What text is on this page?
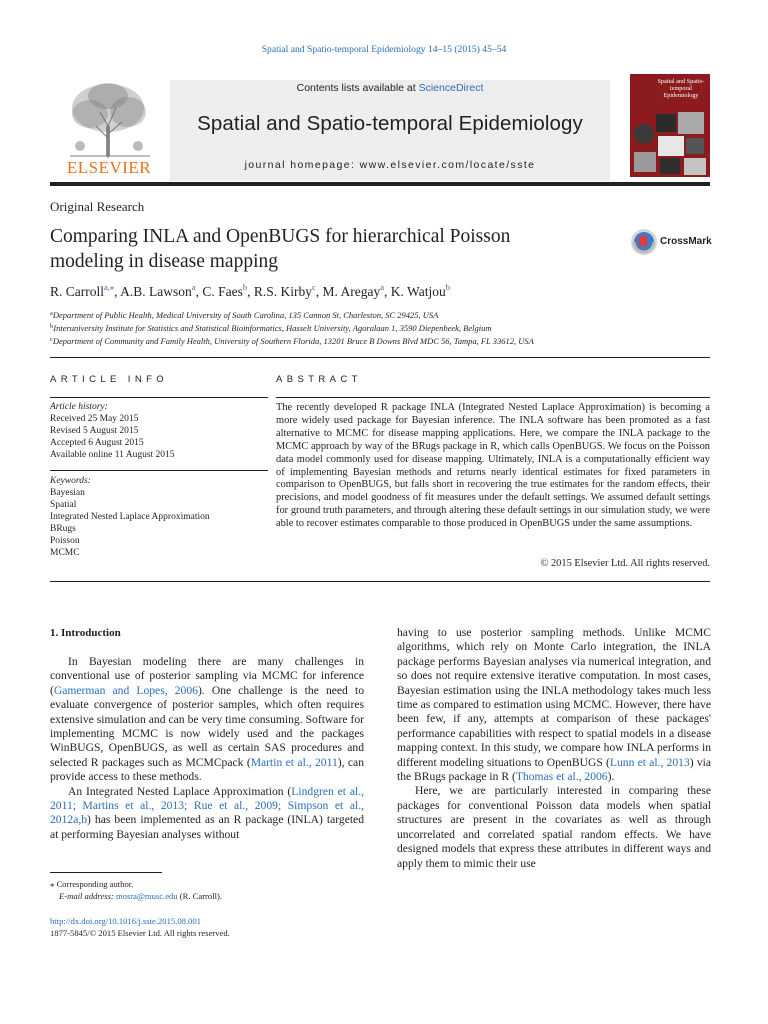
Spatial and Spatio-temporal Epidemiology 14–15 (2015) 45–54
ELSEVIER
Contents lists available at ScienceDirect
Spatial and Spatio-temporal Epidemiology
journal homepage: www.elsevier.com/locate/sste
Spatial and Spatio-temporal Epidemiology
Original Research
Comparing INLA and OpenBUGS for hierarchical Poisson modeling in disease mapping
CrossMark
R. Carroll$^{a,⁎}$, A.B. Lawson$^a$, C. Faes$^b$, R.S. Kirby$^c$, M. Aregay$^a$, K. Watjou$^b$
$^a$Department of Public Health, Medical University of South Carolina, 135 Cannon St, Charleston, SC 29425, USA
$^b$Interuniversity Institute for Statistics and Statistical Bioinformatics, Hasselt University, Agoralaan 1, 3590 Diepenbeek, Belgium
$^c$Department of Community and Family Health, University of Southern Florida, 13201 Bruce B Downs Blvd MDC 56, Tampa, FL 33612, USA
ARTICLE INFO
Article history:
Received 25 May 2015
Revised 5 August 2015
Accepted 6 August 2015
Available online 11 August 2015
Keywords:
Bayesian
Spatial
Integrated Nested Laplace Approximation
BRugs
Poisson
MCMC
ABSTRACT
The recently developed R package INLA (Integrated Nested Laplace Approximation) is becoming a more widely used package for Bayesian inference. The INLA software has been promoted as a fast alternative to MCMC for disease mapping applications. Here, we compare the INLA package to the MCMC approach by way of the BRugs package in R, which calls OpenBUGS. We focus on the Poisson data model commonly used for disease mapping. Ultimately, INLA is a computationally efficient way of implementing Bayesian methods and returns nearly identical estimates for fixed parameters in comparison to OpenBUGS, but falls short in recovering the true estimates for the random effects, their precisions, and model goodness of fit measures under the default settings. We assumed default settings for ground truth parameters, and through altering these default settings in our simulation study, we were able to recover estimates comparable to those produced in OpenBUGS under the same assumptions.
© 2015 Elsevier Ltd. All rights reserved.
1. Introduction

In Bayesian modeling there are many challenges in conventional use of posterior sampling via MCMC for inference (Gamerman and Lopes, 2006). One challenge is the need to evaluate convergence of posterior samples, which often requires extensive simulation and can be very time consuming. Software for implementing MCMC is now widely used and the packages WinBUGS, OpenBUGS, as well as certain SAS procedures and selected R packages such as MCMCpack (Martin et al., 2011), can provide access to these methods.

An Integrated Nested Laplace Approximation (Lindgren et al., 2011; Martins et al., 2013; Rue et al., 2009; Simpson et al., 2012a,b) has been implemented as an R package (INLA) targeted at performing Bayesian analyses without

having to use posterior sampling methods. Unlike MCMC algorithms, which rely on Monte Carlo integration, the INLA package performs Bayesian analyses via numerical integration, and so does not require extensive iterative computation. In most cases, Bayesian estimation using the INLA methodology takes much less time as compared to estimation using MCMC. However, there have been few, if any, attempts at comparison of these packages' performance capabilities with respect to spatial models in a disease mapping context. In this study, we compare how INLA performs in different modeling situations to OpenBUGS (Lunn et al., 2013) via the BRugs package in R (Thomas et al., 2006).

Here, we are particularly interested in comparing these packages for conventional Poisson data models when spatial structures are present in the covariates as well as through uncorrelated and correlated spatial random effects. We have designed models that express these attributes in different ways and apply them to mimic their use

⁎ Corresponding author.
E-mail address: mosra@musc.edu (R. Carroll).
http://dx.doi.org/10.1016/j.sste.2015.08.001
1877-5845/© 2015 Elsevier Ltd. All rights reserved.
